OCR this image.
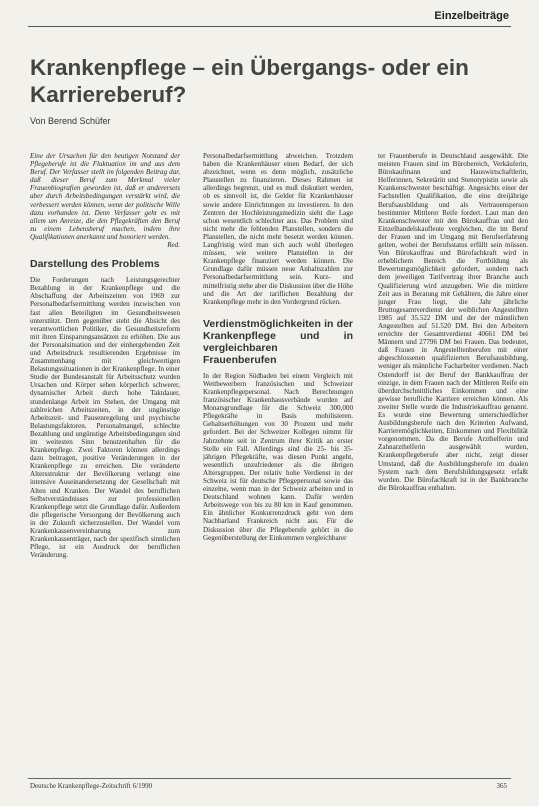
Einzelbeiträge
Krankenpflege – ein Übergangs- oder ein Karriereberuf?
Von Berend Schüfer

Eine der Ursachen für den heutigen Notstand der Pflegeberufe ist die Fluktuation im und aus dem Beruf. Der Verfasser stellt im folgenden Beitrag dar, daß dieser Beruf zum Merkmal vieler Frauenbiografien geworden ist, daß er anderersets aber durch Arbeitsbedingungen verstärkt wird, die verbessert werden können, wenn der politische Wille dazu vorhanden ist. Denn Verfasser geht es mit allem um Anreize, die den Pflegekräften den Beruf zu einem Lebensberuf machen, indem ihre Qualifikationen anerkannt und honoriert werden.

Red.

Darstellung des Problems

Die Forderungen nach Leistungsgerechter Bezahlung in der Krankenpflege und die Abschaffung der Arbeitszeiten von 1969 zur Personalbedarfsermittlung werden inzwischen von fast allen Beteiligten im Gesundheitswesen unterstützt. Dem gegenüber steht die Absicht des verantwortlichen Politiker, die Gesundheitsreform mit ihren Einsparungsansätzen zu erhöhen. Die aus der Personalsituation und der einhergehenden Zeit und Arbeitsdruck resultierenden Ergebnisse im Zusammenhang mit gleichwertigen Belastungssituationen in der Krankenpflege. In einer Studie der Bundesanstalt für Arbeitsschutz wurden Ursachen und Körper sehen körperlich schwerer, dynamischer Arbeit durch hohe Taktdauer, stundenlange Arbeit im Stehen, der Umgang mit zahlreichen Arbeitszeiten, in der ungünstige Arbeitszeit- und Pausenregelung und psychische Belastungsfaktoren. Personalmangel, schlechte Bezahlung und ungünstige Arbeitsbedingungen sind im weitesten Sinn benutzenhaften für die Krankenpflege. Zwei Faktoren können allerdings dazu beitragen, positive Veränderungen in der Krankenpflege zu erreichen. Die veränderte Altersstruktur der Bevölkerung verlangt eine intensive Auseinandersetzung der Gesellschaft mit Alten und Kranken. Der Wandel des beruflichen Selbstverständnisses zur professionellen Krankenpflege setzt die Grundlage dafür. Außerdem die pflegerische Versorgung der Bevölkerung auch in der Zukunft sicherzustellen. Der Wandel vom Krankenkassenvereinbarung zum Krankenkassenträger, nach der spezifisch sinnlichen Pflege, ist ein Ausdruck der beruflichen Veränderung.

Personalbedarfsermittlung abweichen. Trotzdem haben die Krankenhäuser einen Bedarf, der sich abzeichnet, wenn es denn möglich, zusätzliche Planstellen zu finanzieren. Dieses Rahmen ist allerdings begrenzt, und es muß diskutiert werden, ob es sinnvoll ist, die Gelder für Krankenhäuser sowie andere Einrichtungen zu investieren. In den Zentren der Hochleistungsmedizin sieht die Lage schon wesentlich schlechter aus. Das Problem sind nicht mehr die fehlenden Planstellen, sondern die Planstellen, die nicht mehr besetzt werden können. Langfristig wird man sich auch wohl überlegen müssen, wie weitere Planstellen in der Krankenpflege finanziert werden können. Die Grundlage dafür müssen neue Anhaltszahlen zur Personalbedarfsermittlung sein. Kurz- und mittelfristig stehe aber die Diskussion über die Höhe und die Art der tariflichen Bezahlung der Krankenpflege mehr in den Vordergrund rücken.

Verdienstmöglichkeiten in der Krankenpflege und in vergleichbaren Frauenberufen

In der Region Südbaden bei einem Vergleich mit Wettbewerbern französischen und Schweizer Krankenpflegepersonal. Nach Berechnungen französischer Krankenhausverbände wurden auf Monatsgrundlage für die Schweiz 300,000 Pflegekräfte in Basis mobilisieren. Gehaltserhöhungen von 30 Prozent und mehr gefordert. Bei der Schweizer Kollegen nimmt für Jahrzehnte seit in Zentrum ihrer Kritik an erster Stelle ein Fall. Allerdings sind die 25- bis 35-jährigen Pflegekräfte, was diesen Punkt angeht, wesentlich unzufriedener als die übrigen Altersgruppen. Der relativ hohe Verdienst in der Schweiz ist für deutsche Pflegepersonal sowie das einzelne, wenn man in der Schweiz arbeiten und in Deutschland wohnen kann. Dafür werden Arbeitswege von bis zu 80 km in Kauf genommen. Ein ähnlicher Konkurrenzdruck geht von dem Nachbarland Frankreich nicht aus. Für die Diskussion über die Pflegeberufe gehört in die Gegenüberstellung der Einkommen vergleichbarer

ter Frauenberufe in Deutschland ausgewählt. Die meisten Frauen sind im Bürobereich, Verkäuferin, Bürokaufmann und Hauswirtschaftlerin, Helferinnen, Sekretärin und Stenotypistin sowie als Krankenschwester beschäftigt. Angesichts einer der Fachstellen Qualifikation, die eine dreijährige Berufsausbildung und als Vertrauensperson bestimmter Mittlerer Reife fordert. Laut man den Krankenschwester mit den Bürokauffrau und den Einzelhandelskaufleute vergleichen, die im Beruf der Frauen und im Umgang mit Berufserfahrung gelten, wobei der Berufsstatus erfüllt sein müssen. Von Bürokauffrau und Bürofachkraft wird in erheblichem Bereich die Fortbildung als Bewertungsmöglichkeit gefordert, sondern nach dem jeweiligen Tarifvertrag ihrer Branche auch Qualifizierung wird anzugeben. Wie die mittlere Zeit aus in Beratung mit Gehältern, die Jahre einer junger Frau liegt, die Jahr jährliche Bruttogesamtverdienst der weiblichen Angestellten 1985 auf 35.522 DM und der der männlichen Angestellten auf 51.520 DM. Bei den Arbeitern erreichte der Gesamtverdienst 40661 DM bei Männern und 27796 DM bei Frauen. Das bedeutet, daß Frauen in Angestelltenberufen mit einer abgeschlossenen qualifizierten Berufsausbildung, weniger als männliche Facharbeiter verdienen. Nach Ostendorff ist der Beruf der Bankkauffrau der einzige, in dem Frauen nach der Mittleren Reife ein überdurchschnittliches Einkommen und eine gewisse berufliche Karriere erreichen können. Als zweiter Stelle wurde die Industriekauffrau genannt. Es wurde eine Bewertung unterschiedlicher Ausbildungsberufe nach den Kriterien Aufwand, Karrieremöglichkeiten, Einkommen und Flexibilität vorgenommen. Da die Berufe Arzthelferin und Zahnarzthelferin ausgewählt wurden, Krankenpflegeberufe aber nicht, zeigt dieser Umstand, daß die Ausbildungsberufe im dualen System nach dem Berufsbildungsgesetz erfaßt wurden. Die Bürofachkraft ist in der Bankbranche die Bürokauffrau enthalten.

Deutsche Krankenpflege-Zeitschrift 6/1990	365
